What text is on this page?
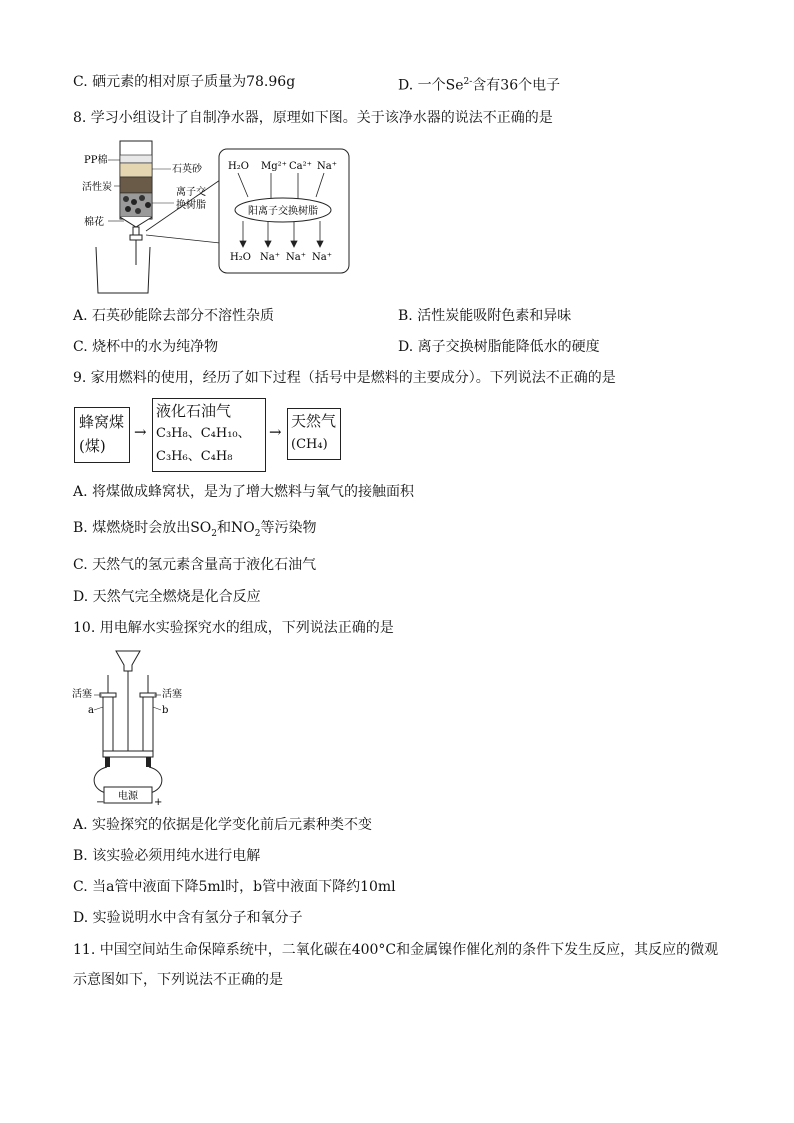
C. 硒元素的相对原子质量为78.96g	D. 一个$Se^{2-}$含有36个电子
8. 学习小组设计了自制净水器，原理如下图。关于该净水器的说法不正确的是
PP棉
石英砂
活性炭	离子交
换树脂
棉花
H₂O Mg²⁺ Ca²⁺ Na⁺
阳离子交换树脂
H₂O Na⁺ Na⁺ Na⁺
A. 石英砂能除去部分不溶性杂质	B. 活性炭能吸附色素和异味
C. 烧杯中的水为纯净物	D. 离子交换树脂能降低水的硬度
9. 家用燃料的使用，经历了如下过程（括号中是燃料的主要成分）。下列说法不正确的是
蜂窝煤
(煤)
→
液化石油气
C₃H₈、C₄H₁₀、
C₃H₆、C₄H₈
→
天然气
(CH₄)
A. 将煤做成蜂窝状，是为了增大燃料与氧气的接触面积
B. 煤燃烧时会放出$SO_2$和$NO_2$等污染物
C. 天然气的氢元素含量高于液化石油气
D. 天然气完全燃烧是化合反应
10. 用电解水实验探究水的组成，下列说法正确的是
电源
−	+
活塞	活塞
a	b
A. 实验探究的依据是化学变化前后元素种类不变
B. 该实验必须用纯水进行电解
C. 当a管中液面下降5ml时，b管中液面下降约10ml
D. 实验说明水中含有氢分子和氧分子
11. 中国空间站生命保障系统中，二氧化碳在400°C和金属镍作催化剂的条件下发生反应，其反应的微观
示意图如下，下列说法不正确的是
